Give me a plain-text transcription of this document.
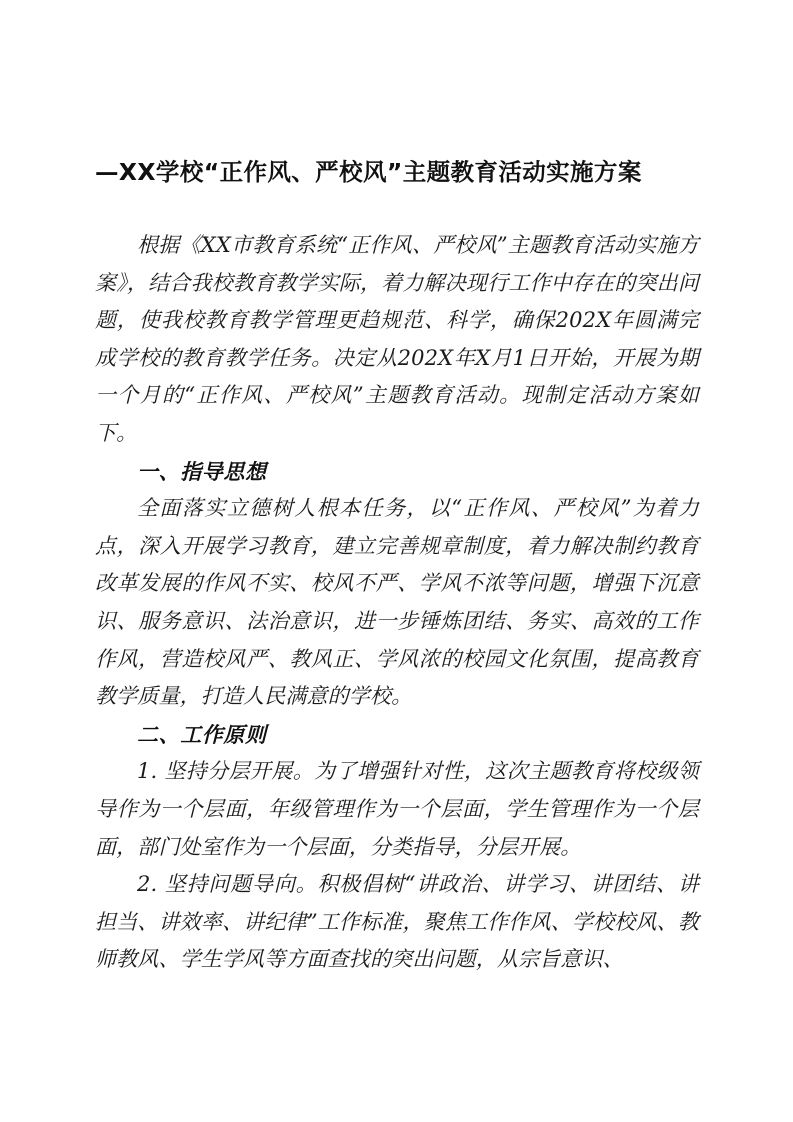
—XX学校“正作风、严校风”主题教育活动实施方案

根据《XX市教育系统“正作风、严校风”主题教育活动实施方案》，结合我校教育教学实际，着力解决现行工作中存在的突出问题，使我校教育教学管理更趋规范、科学，确保202X年圆满完成学校的教育教学任务。决定从202X年X月1日开始，开展为期一个月的“正作风、严校风”主题教育活动。现制定活动方案如下。

一、指导思想

全面落实立德树人根本任务，以“正作风、严校风”为着力点，深入开展学习教育，建立完善规章制度，着力解决制约教育改革发展的作风不实、校风不严、学风不浓等问题，增强下沉意识、服务意识、法治意识，进一步锤炼团结、务实、高效的工作作风，营造校风严、教风正、学风浓的校园文化氛围，提高教育教学质量，打造人民满意的学校。

二、工作原则

1. 坚持分层开展。为了增强针对性，这次主题教育将校级领导作为一个层面，年级管理作为一个层面，学生管理作为一个层面，部门处室作为一个层面，分类指导，分层开展。

2. 坚持问题导向。积极倡树“讲政治、讲学习、讲团结、讲担当、讲效率、讲纪律”工作标准，聚焦工作作风、学校校风、教师教风、学生学风等方面查找的突出问题，从宗旨意识、
